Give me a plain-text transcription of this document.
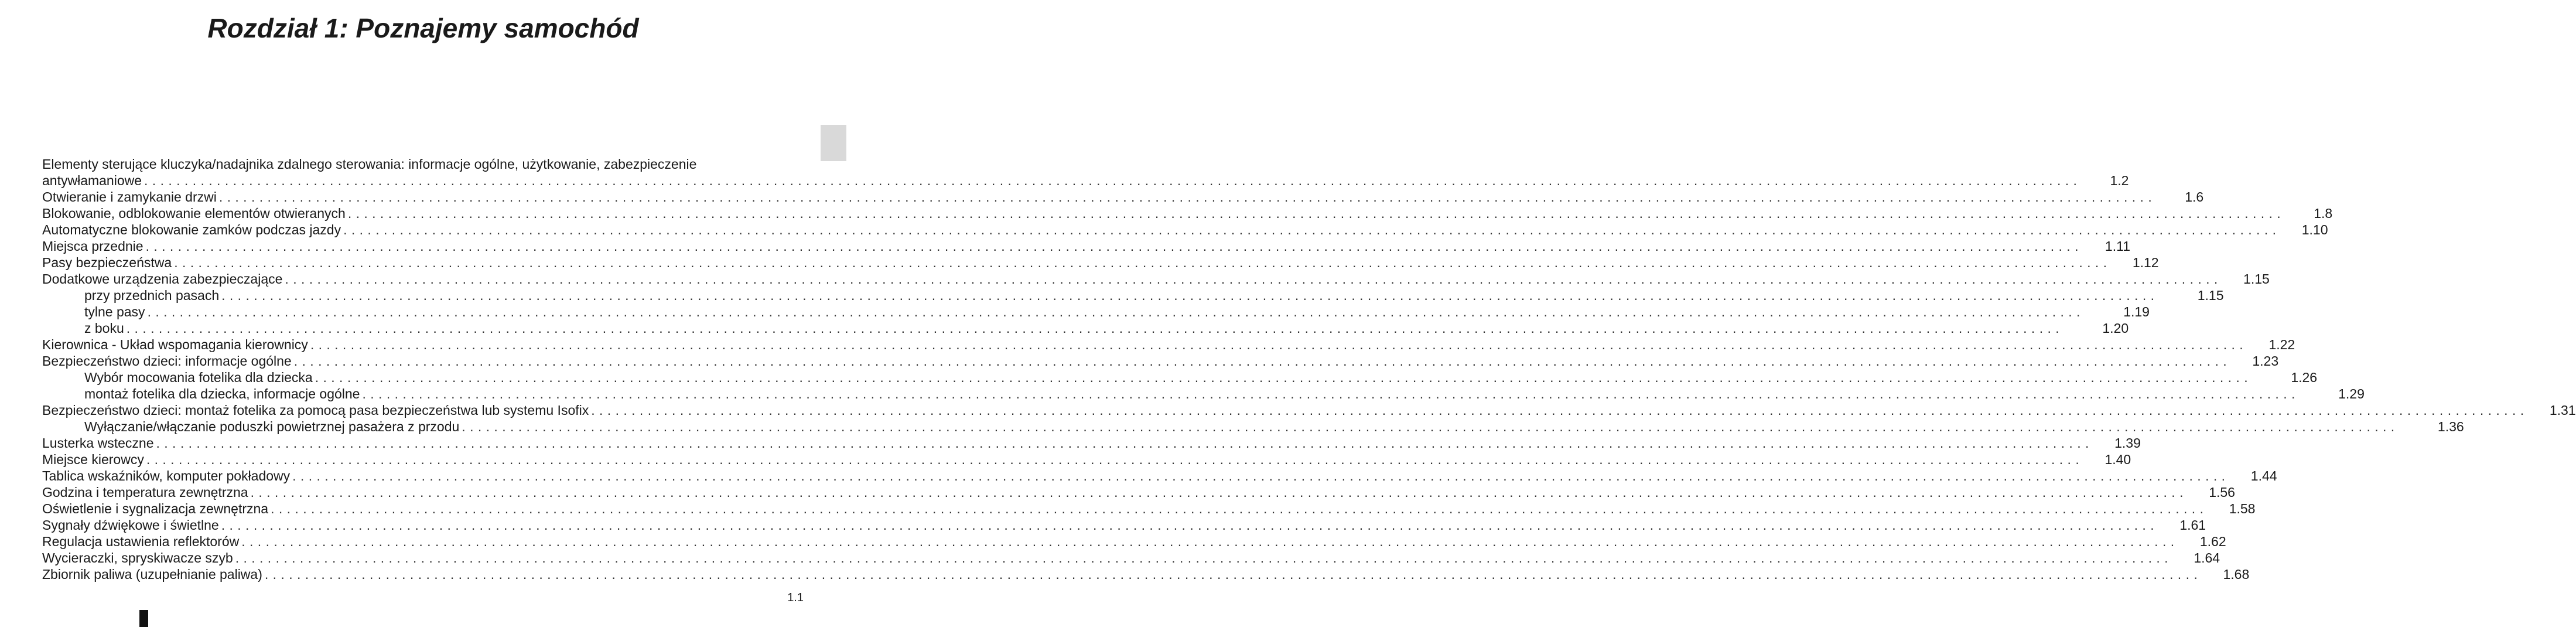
Rozdział 1: Poznajemy samochód
Elementy sterujące kluczyka/nadajnika zdalnego sterowania: informacje ogólne, użytkowanie, zabezpieczenie
antywłamaniowe . . . . . . . . . . . . . . . . . . . . . . . . . . . . . . . . . . . . . . . . . . . . . . . . . . . . . . . . . . . . . . . . . . . . . . . . . . . . . . . . . . . . . . . . . . . . . . . . . . . . . . . . . . . . . . . . . . . . . . . . . . . . . . . . . . . . . . . . . . . . . . . . . . . . . . . . . . . . . . . . . . . . . . . . . . . . . . . . . . . . . . . . . . . . . . . . . . . . . . . . . . . . . . . . . . . . . . . . . . . . . . . . . . . . . . . . . . . . . . . .	1.2
Otwieranie i zamykanie drzwi . . . . . . . . . . . . . . . . . . . . . . . . . . . . . . . . . . . . . . . . . . . . . . . . . . . . . . . . . . . . . . . . . . . . . . . . . . . . . . . . . . . . . . . . . . . . . . . . . . . . . . . . . . . . . . . . . . . . . . . . . . . . . . . . . . . . . . . . . . . . . . . . . . . . . . . . . . . . . . . . . . . . . . . . . . . . . . . . . . . . . . . . . . . . . . . . . . . . . . . . . . . . . . . . . . . . . . . . . . . . . . . . . . . . . . . . . . . . . . . .	1.6
Blokowanie, odblokowanie elementów otwieranych . . . . . . . . . . . . . . . . . . . . . . . . . . . . . . . . . . . . . . . . . . . . . . . . . . . . . . . . . . . . . . . . . . . . . . . . . . . . . . . . . . . . . . . . . . . . . . . . . . . . . . . . . . . . . . . . . . . . . . . . . . . . . . . . . . . . . . . . . . . . . . . . . . . . . . . . . . . . . . . . . . . . . . . . . . . . . . . . . . . . . . . . . . . . . . . . . . . . . . . . . . . . . . . . . . . . . . . . . . . . . . . . . . . . . . . . . . . . . . . .	1.8
Automatyczne blokowanie zamków podczas jazdy . . . . . . . . . . . . . . . . . . . . . . . . . . . . . . . . . . . . . . . . . . . . . . . . . . . . . . . . . . . . . . . . . . . . . . . . . . . . . . . . . . . . . . . . . . . . . . . . . . . . . . . . . . . . . . . . . . . . . . . . . . . . . . . . . . . . . . . . . . . . . . . . . . . . . . . . . . . . . . . . . . . . . . . . . . . . . . . . . . . . . . . . . . . . . . . . . . . . . . . . . . . . . . . . . . . . . . . . . . . . . . . . . . . . . . . . . . . . . . . .	1.10
Miejsca przednie . . . . . . . . . . . . . . . . . . . . . . . . . . . . . . . . . . . . . . . . . . . . . . . . . . . . . . . . . . . . . . . . . . . . . . . . . . . . . . . . . . . . . . . . . . . . . . . . . . . . . . . . . . . . . . . . . . . . . . . . . . . . . . . . . . . . . . . . . . . . . . . . . . . . . . . . . . . . . . . . . . . . . . . . . . . . . . . . . . . . . . . . . . . . . . . . . . . . . . . . . . . . . . . . . . . . . . . . . . . . . . . . . . . . . . . . . . . . . . . .	1.11
Pasy bezpieczeństwa . . . . . . . . . . . . . . . . . . . . . . . . . . . . . . . . . . . . . . . . . . . . . . . . . . . . . . . . . . . . . . . . . . . . . . . . . . . . . . . . . . . . . . . . . . . . . . . . . . . . . . . . . . . . . . . . . . . . . . . . . . . . . . . . . . . . . . . . . . . . . . . . . . . . . . . . . . . . . . . . . . . . . . . . . . . . . . . . . . . . . . . . . . . . . . . . . . . . . . . . . . . . . . . . . . . . . . . . . . . . . . . . . . . . . . . . . . . . . . . .	1.12
Dodatkowe urządzenia zabezpieczające . . . . . . . . . . . . . . . . . . . . . . . . . . . . . . . . . . . . . . . . . . . . . . . . . . . . . . . . . . . . . . . . . . . . . . . . . . . . . . . . . . . . . . . . . . . . . . . . . . . . . . . . . . . . . . . . . . . . . . . . . . . . . . . . . . . . . . . . . . . . . . . . . . . . . . . . . . . . . . . . . . . . . . . . . . . . . . . . . . . . . . . . . . . . . . . . . . . . . . . . . . . . . . . . . . . . . . . . . . . . . . . . . . . . . . . . . . . . . . . .	1.15
przy przednich pasach . . . . . . . . . . . . . . . . . . . . . . . . . . . . . . . . . . . . . . . . . . . . . . . . . . . . . . . . . . . . . . . . . . . . . . . . . . . . . . . . . . . . . . . . . . . . . . . . . . . . . . . . . . . . . . . . . . . . . . . . . . . . . . . . . . . . . . . . . . . . . . . . . . . . . . . . . . . . . . . . . . . . . . . . . . . . . . . . . . . . . . . . . . . . . . . . . . . . . . . . . . . . . . . . . . . . . . . . . . . . . . . . . . . . . . . . . . . . . . . .	1.15
tylne pasy . . . . . . . . . . . . . . . . . . . . . . . . . . . . . . . . . . . . . . . . . . . . . . . . . . . . . . . . . . . . . . . . . . . . . . . . . . . . . . . . . . . . . . . . . . . . . . . . . . . . . . . . . . . . . . . . . . . . . . . . . . . . . . . . . . . . . . . . . . . . . . . . . . . . . . . . . . . . . . . . . . . . . . . . . . . . . . . . . . . . . . . . . . . . . . . . . . . . . . . . . . . . . . . . . . . . . . . . . . . . . . . . . . . . . . . . . . . . . . . .	1.19
z boku . . . . . . . . . . . . . . . . . . . . . . . . . . . . . . . . . . . . . . . . . . . . . . . . . . . . . . . . . . . . . . . . . . . . . . . . . . . . . . . . . . . . . . . . . . . . . . . . . . . . . . . . . . . . . . . . . . . . . . . . . . . . . . . . . . . . . . . . . . . . . . . . . . . . . . . . . . . . . . . . . . . . . . . . . . . . . . . . . . . . . . . . . . . . . . . . . . . . . . . . . . . . . . . . . . . . . . . . . . . . . . . . . . . . . . . . . . . . . . . .	1.20
Kierownica - Układ wspomagania kierownicy . . . . . . . . . . . . . . . . . . . . . . . . . . . . . . . . . . . . . . . . . . . . . . . . . . . . . . . . . . . . . . . . . . . . . . . . . . . . . . . . . . . . . . . . . . . . . . . . . . . . . . . . . . . . . . . . . . . . . . . . . . . . . . . . . . . . . . . . . . . . . . . . . . . . . . . . . . . . . . . . . . . . . . . . . . . . . . . . . . . . . . . . . . . . . . . . . . . . . . . . . . . . . . . . . . . . . . . . . . . . . . . . . . . . . . . . . . . . . . . .	1.22
Bezpieczeństwo dzieci: informacje ogólne . . . . . . . . . . . . . . . . . . . . . . . . . . . . . . . . . . . . . . . . . . . . . . . . . . . . . . . . . . . . . . . . . . . . . . . . . . . . . . . . . . . . . . . . . . . . . . . . . . . . . . . . . . . . . . . . . . . . . . . . . . . . . . . . . . . . . . . . . . . . . . . . . . . . . . . . . . . . . . . . . . . . . . . . . . . . . . . . . . . . . . . . . . . . . . . . . . . . . . . . . . . . . . . . . . . . . . . . . . . . . . . . . . . . . . . . . . . . . . . .	1.23
Wybór mocowania fotelika dla dziecka . . . . . . . . . . . . . . . . . . . . . . . . . . . . . . . . . . . . . . . . . . . . . . . . . . . . . . . . . . . . . . . . . . . . . . . . . . . . . . . . . . . . . . . . . . . . . . . . . . . . . . . . . . . . . . . . . . . . . . . . . . . . . . . . . . . . . . . . . . . . . . . . . . . . . . . . . . . . . . . . . . . . . . . . . . . . . . . . . . . . . . . . . . . . . . . . . . . . . . . . . . . . . . . . . . . . . . . . . . . . . . . . . . . . . . . . . . . . . . . .	1.26
montaż fotelika dla dziecka, informacje ogólne . . . . . . . . . . . . . . . . . . . . . . . . . . . . . . . . . . . . . . . . . . . . . . . . . . . . . . . . . . . . . . . . . . . . . . . . . . . . . . . . . . . . . . . . . . . . . . . . . . . . . . . . . . . . . . . . . . . . . . . . . . . . . . . . . . . . . . . . . . . . . . . . . . . . . . . . . . . . . . . . . . . . . . . . . . . . . . . . . . . . . . . . . . . . . . . . . . . . . . . . . . . . . . . . . . . . . . . . . . . . . . . . . . . . . . . . . . . . . . . .	1.29
Bezpieczeństwo dzieci: montaż fotelika za pomocą pasa bezpieczeństwa lub systemu Isofix . . . . . . . . . . . . . . . . . . . . . . . . . . . . . . . . . . . . . . . . . . . . . . . . . . . . . . . . . . . . . . . . . . . . . . . . . . . . . . . . . . . . . . . . . . . . . . . . . . . . . . . . . . . . . . . . . . . . . . . . . . . . . . . . . . . . . . . . . . . . . . . . . . . . . . . . . . . . . . . . . . . . . . . . . . . . . . . . . . . . . . . . . . . . . . . . . . . . . . . . . . . . . . . . . . . . . . . . . . . . . . . . . . . . . . . . . . . . . . . .	1.31
Wyłączanie/włączanie poduszki powietrznej pasażera z przodu . . . . . . . . . . . . . . . . . . . . . . . . . . . . . . . . . . . . . . . . . . . . . . . . . . . . . . . . . . . . . . . . . . . . . . . . . . . . . . . . . . . . . . . . . . . . . . . . . . . . . . . . . . . . . . . . . . . . . . . . . . . . . . . . . . . . . . . . . . . . . . . . . . . . . . . . . . . . . . . . . . . . . . . . . . . . . . . . . . . . . . . . . . . . . . . . . . . . . . . . . . . . . . . . . . . . . . . . . . . . . . . . . . . . . . . . . . . . . . . .	1.36
Lusterka wsteczne . . . . . . . . . . . . . . . . . . . . . . . . . . . . . . . . . . . . . . . . . . . . . . . . . . . . . . . . . . . . . . . . . . . . . . . . . . . . . . . . . . . . . . . . . . . . . . . . . . . . . . . . . . . . . . . . . . . . . . . . . . . . . . . . . . . . . . . . . . . . . . . . . . . . . . . . . . . . . . . . . . . . . . . . . . . . . . . . . . . . . . . . . . . . . . . . . . . . . . . . . . . . . . . . . . . . . . . . . . . . . . . . . . . . . . . . . . . . . . . .	1.39
Miejsce kierowcy . . . . . . . . . . . . . . . . . . . . . . . . . . . . . . . . . . . . . . . . . . . . . . . . . . . . . . . . . . . . . . . . . . . . . . . . . . . . . . . . . . . . . . . . . . . . . . . . . . . . . . . . . . . . . . . . . . . . . . . . . . . . . . . . . . . . . . . . . . . . . . . . . . . . . . . . . . . . . . . . . . . . . . . . . . . . . . . . . . . . . . . . . . . . . . . . . . . . . . . . . . . . . . . . . . . . . . . . . . . . . . . . . . . . . . . . . . . . . . . .	1.40
Tablica wskaźników, komputer pokładowy . . . . . . . . . . . . . . . . . . . . . . . . . . . . . . . . . . . . . . . . . . . . . . . . . . . . . . . . . . . . . . . . . . . . . . . . . . . . . . . . . . . . . . . . . . . . . . . . . . . . . . . . . . . . . . . . . . . . . . . . . . . . . . . . . . . . . . . . . . . . . . . . . . . . . . . . . . . . . . . . . . . . . . . . . . . . . . . . . . . . . . . . . . . . . . . . . . . . . . . . . . . . . . . . . . . . . . . . . . . . . . . . . . . . . . . . . . . . . . . .	1.44
Godzina i temperatura zewnętrzna . . . . . . . . . . . . . . . . . . . . . . . . . . . . . . . . . . . . . . . . . . . . . . . . . . . . . . . . . . . . . . . . . . . . . . . . . . . . . . . . . . . . . . . . . . . . . . . . . . . . . . . . . . . . . . . . . . . . . . . . . . . . . . . . . . . . . . . . . . . . . . . . . . . . . . . . . . . . . . . . . . . . . . . . . . . . . . . . . . . . . . . . . . . . . . . . . . . . . . . . . . . . . . . . . . . . . . . . . . . . . . . . . . . . . . . . . . . . . . . .	1.56
Oświetlenie i sygnalizacja zewnętrzna . . . . . . . . . . . . . . . . . . . . . . . . . . . . . . . . . . . . . . . . . . . . . . . . . . . . . . . . . . . . . . . . . . . . . . . . . . . . . . . . . . . . . . . . . . . . . . . . . . . . . . . . . . . . . . . . . . . . . . . . . . . . . . . . . . . . . . . . . . . . . . . . . . . . . . . . . . . . . . . . . . . . . . . . . . . . . . . . . . . . . . . . . . . . . . . . . . . . . . . . . . . . . . . . . . . . . . . . . . . . . . . . . . . . . . . . . . . . . . . .	1.58
Sygnały dźwiękowe i świetlne . . . . . . . . . . . . . . . . . . . . . . . . . . . . . . . . . . . . . . . . . . . . . . . . . . . . . . . . . . . . . . . . . . . . . . . . . . . . . . . . . . . . . . . . . . . . . . . . . . . . . . . . . . . . . . . . . . . . . . . . . . . . . . . . . . . . . . . . . . . . . . . . . . . . . . . . . . . . . . . . . . . . . . . . . . . . . . . . . . . . . . . . . . . . . . . . . . . . . . . . . . . . . . . . . . . . . . . . . . . . . . . . . . . . . . . . . . . . . . . .	1.61
Regulacja ustawienia reflektorów . . . . . . . . . . . . . . . . . . . . . . . . . . . . . . . . . . . . . . . . . . . . . . . . . . . . . . . . . . . . . . . . . . . . . . . . . . . . . . . . . . . . . . . . . . . . . . . . . . . . . . . . . . . . . . . . . . . . . . . . . . . . . . . . . . . . . . . . . . . . . . . . . . . . . . . . . . . . . . . . . . . . . . . . . . . . . . . . . . . . . . . . . . . . . . . . . . . . . . . . . . . . . . . . . . . . . . . . . . . . . . . . . . . . . . . . . . . . . . . .	1.62
Wycieraczki, spryskiwacze szyb . . . . . . . . . . . . . . . . . . . . . . . . . . . . . . . . . . . . . . . . . . . . . . . . . . . . . . . . . . . . . . . . . . . . . . . . . . . . . . . . . . . . . . . . . . . . . . . . . . . . . . . . . . . . . . . . . . . . . . . . . . . . . . . . . . . . . . . . . . . . . . . . . . . . . . . . . . . . . . . . . . . . . . . . . . . . . . . . . . . . . . . . . . . . . . . . . . . . . . . . . . . . . . . . . . . . . . . . . . . . . . . . . . . . . . . . . . . . . . . .	1.64
Zbiornik paliwa (uzupełnianie paliwa) . . . . . . . . . . . . . . . . . . . . . . . . . . . . . . . . . . . . . . . . . . . . . . . . . . . . . . . . . . . . . . . . . . . . . . . . . . . . . . . . . . . . . . . . . . . . . . . . . . . . . . . . . . . . . . . . . . . . . . . . . . . . . . . . . . . . . . . . . . . . . . . . . . . . . . . . . . . . . . . . . . . . . . . . . . . . . . . . . . . . . . . . . . . . . . . . . . . . . . . . . . . . . . . . . . . . . . . . . . . . . . . . . . . . . . . . . . . . . . . .	1.68
1.1
